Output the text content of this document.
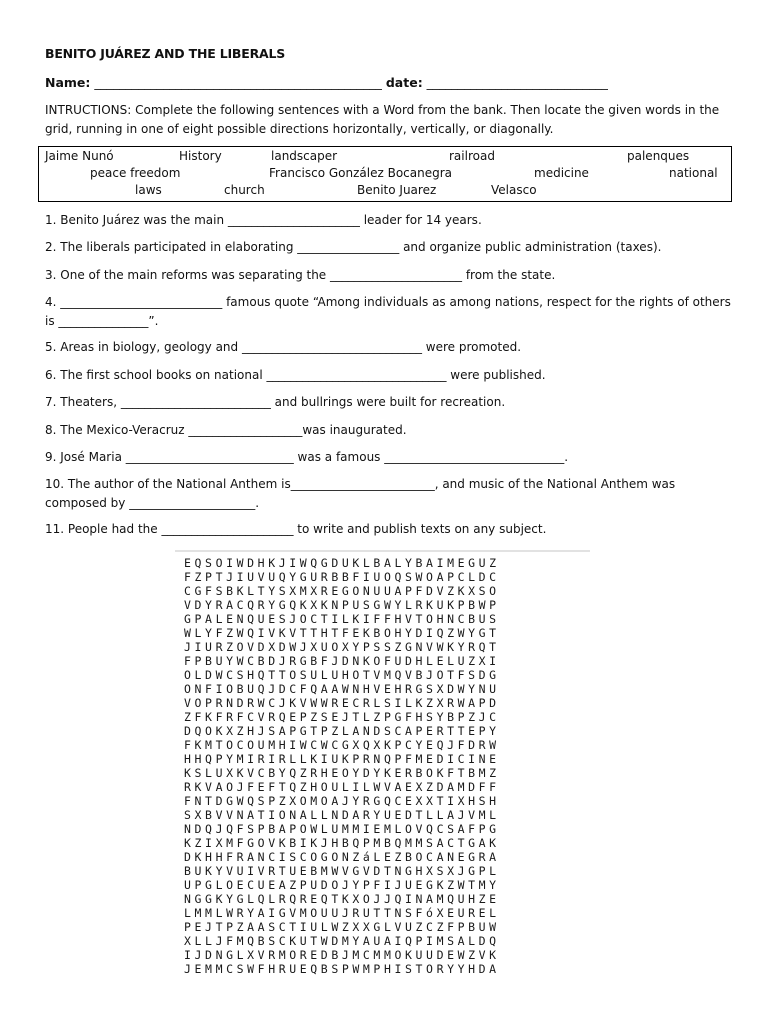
BENITO JUÁREZ AND THE LIBERALS
Name: ______________________________________________ date: _____________________________
INTRUCTIONS: Complete the following sentences with a Word from the bank. Then locate the given words in the grid, running in one of eight possible directions horizontally, vertically, or diagonally.
Jaime Nunó	History	landscaper	railroad	palenques
peace freedom	Francisco González Bocanegra	medicine	national
laws	church	Benito Juarez	Velasco
1. Benito Juárez was the main ______________________ leader for 14 years.
2. The liberals participated in elaborating _________________ and organize public administration (taxes).
3. One of the main reforms was separating the ______________________ from the state.
4. ___________________________ famous quote “Among individuals as among nations, respect for the rights of others is _______________”.
5. Areas in biology, geology and ______________________________ were promoted.
6. The first school books on national ______________________________ were published.
7. Theaters, _________________________ and bullrings were built for recreation.
8. The Mexico-Veracruz ___________________was inaugurated.
9. José Maria ____________________________ was a famous ______________________________.
10. The author of the National Anthem is________________________, and music of the National Anthem was composed by _____________________.
11. People had the ______________________ to write and publish texts on any subject.
EQSOIWDHKJIWQGDUKLBALYBAIMEGUZ
FZPTJIUVUQYGURBBFIUOQSWOAPCLDC
CGFSBKLTYSXMXREGONUUAPFDVZKXSO
VDYRACQRYGQKXKNPUSGWYLRKUKPBWP
GPALENQUESJOCTILKIFFHVTOHNCBUS
WLYFZWQIVKVTTHTFEKBOHYDIQZWYGT
JIURZOVDXDWJXUOXYPSSZGNVWKYRQT
FPBUYWCBDJRGBFJDNKOFUDHLELUZXI
OLDWCSHQTTOSULUHOTVMQVBJOTFSDG
ONFIOBUQJDCFQAAWNHVEHRGSXDWYNU
VOPRNDRWCJKVWWRECRLSILKZXRWAPD
ZFKFRFCVRQEPZSEJTLZPGFHSYBPZJC
DQOKXZHJSAPGTPZLANDSCAPERTTEPY
FKMTOCOUMHIWCWCGXQXKPCYEQJFDRW
HHQPYMIRIRLLKIUKPRNQPFMEDICINE
KSLUXKVCBYQZRHEOYDYKERBOKFTBMZ
RKVAOJFEFTQZHOULILWVAEXZDAMDFF
FNTDGWQSPZXOMOAJYRGQCEXXTIXHSH
SXBVVNATIONALLNDARYUEDTLLAJVML
NDQJQFSPBAPOWLUMMIEMLOVQCSAFPG
KZIXMFGOVKBIKJHBQPMBQMMSACTGAK
DKHHFRANCISCOGONZáLEZBOCANEGRA
BUKYVUIVRTUEBMWVGVDTNGHXSXJGPL
UPGLOECUEAZPUDOJYPFIJUEGKZWTMY
NGGKYGLQLRQREQTKXOJJQINAMQUHZE
LMMLWRYAIGVMOUUJRUTTNSFóXEUREL
PEJTPZAASCTIULWZXXGLVUZCZFPBUW
XLLJFMQBSCKUTWDMYAUAIQPIMSALDQ
IJDNGLXVRMOREDBJMCMMOKUUDEWZVK
JEMMCSWFHRUEQBSPWMPHISTORYYHDA
